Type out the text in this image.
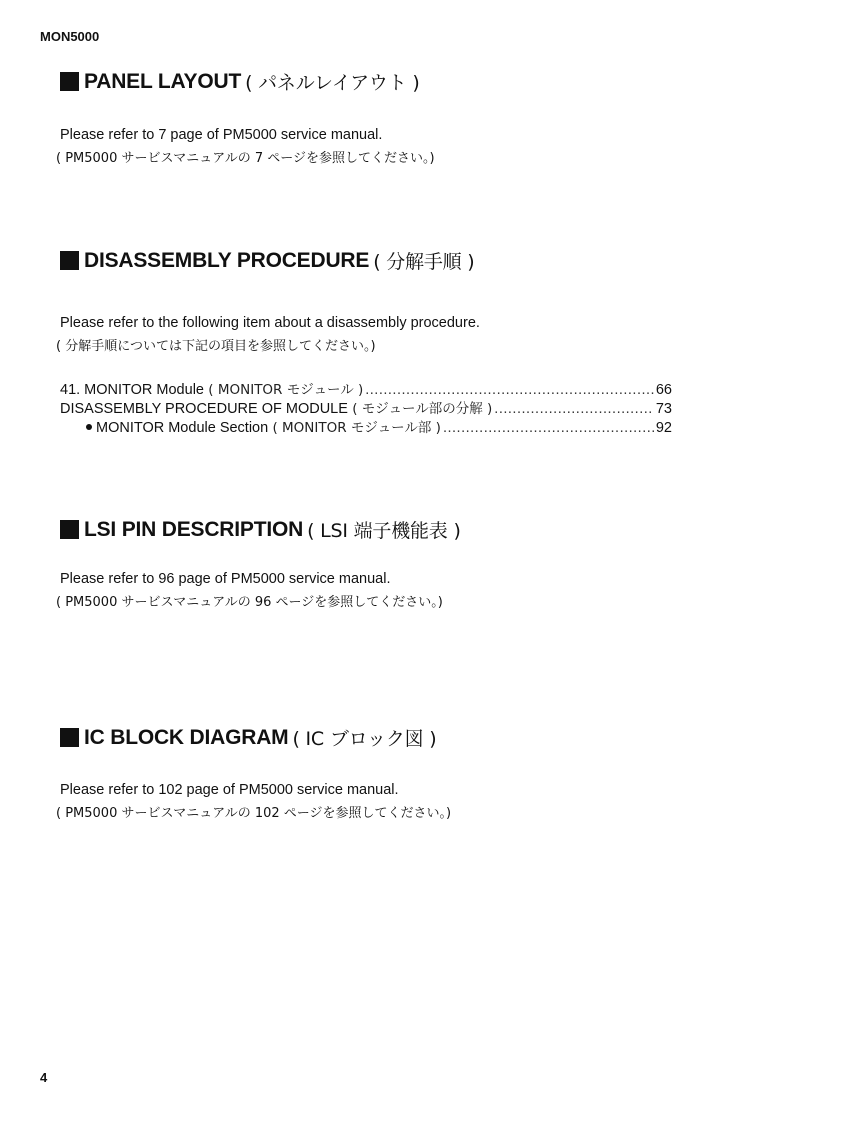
MON5000
PANEL LAYOUT ( パネルレイアウト )
Please refer to 7 page of PM5000 service manual.
( PM5000 サービスマニュアルの 7 ページを参照してください。)
DISASSEMBLY PROCEDURE ( 分解手順 )
Please refer to the following item about a disassembly procedure.
( 分解手順については下記の項目を参照してください。)
41. MONITOR Module ( MONITOR モジュール ) .....	66
DISASSEMBLY PROCEDURE OF MODULE ( モジュール部の分解 ) .....	73
MONITOR Module Section ( MONITOR モジュール部 ) .....	92
LSI PIN DESCRIPTION ( LSI 端子機能表 )
Please refer to 96 page of PM5000 service manual.
( PM5000 サービスマニュアルの 96 ページを参照してください。)
IC BLOCK DIAGRAM ( IC ブロック図 )
Please refer to 102 page of PM5000 service manual.
( PM5000 サービスマニュアルの 102 ページを参照してください。)
4
